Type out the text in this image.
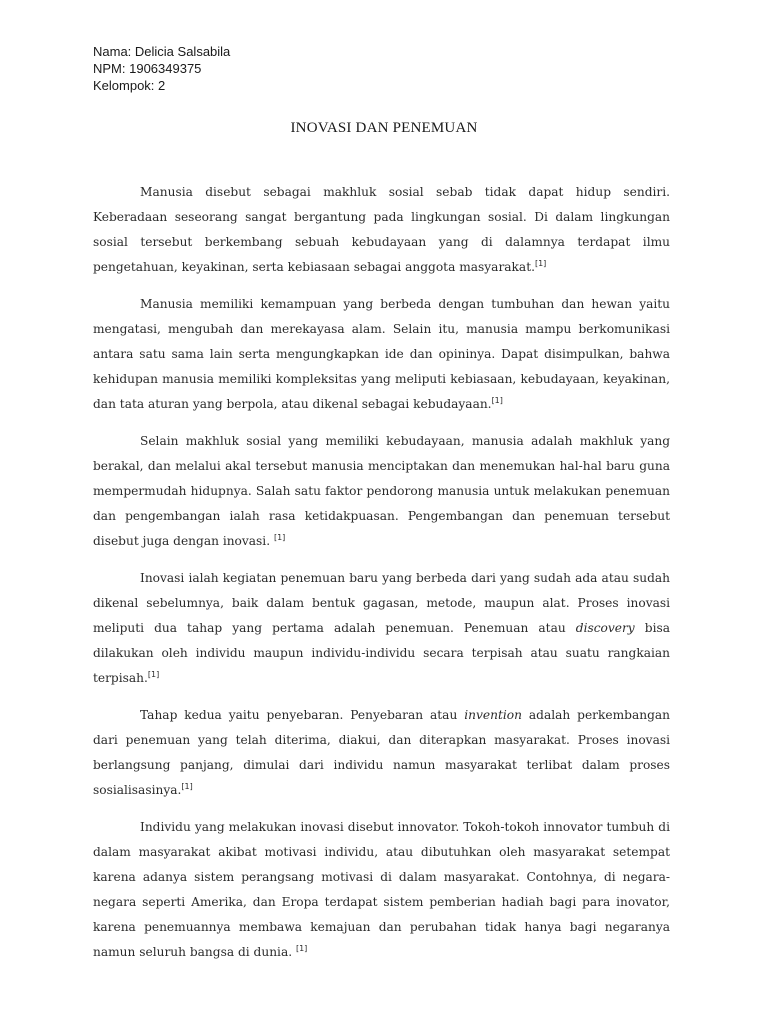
Nama: Delicia Salsabila
NPM: 1906349375
Kelompok: 2
INOVASI DAN PENEMUAN

Manusia disebut sebagai makhluk sosial sebab tidak dapat hidup sendiri. Keberadaan seseorang sangat bergantung pada lingkungan sosial. Di dalam lingkungan sosial tersebut berkembang sebuah kebudayaan yang di dalamnya terdapat ilmu pengetahuan, keyakinan, serta kebiasaan sebagai anggota masyarakat.[1]

Manusia memiliki kemampuan yang berbeda dengan tumbuhan dan hewan yaitu mengatasi, mengubah dan merekayasa alam. Selain itu, manusia mampu berkomunikasi antara satu sama lain serta mengungkapkan ide dan opininya. Dapat disimpulkan, bahwa kehidupan manusia memiliki kompleksitas yang meliputi kebiasaan, kebudayaan, keyakinan, dan tata aturan yang berpola, atau dikenal sebagai kebudayaan.[1]

Selain makhluk sosial yang memiliki kebudayaan, manusia adalah makhluk yang berakal, dan melalui akal tersebut manusia menciptakan dan menemukan hal-hal baru guna mempermudah hidupnya. Salah satu faktor pendorong manusia untuk melakukan penemuan dan pengembangan ialah rasa ketidakpuasan. Pengembangan dan penemuan tersebut disebut juga dengan inovasi. [1]

Inovasi ialah kegiatan penemuan baru yang berbeda dari yang sudah ada atau sudah dikenal sebelumnya, baik dalam bentuk gagasan, metode, maupun alat. Proses inovasi meliputi dua tahap yang pertama adalah penemuan. Penemuan atau discovery bisa dilakukan oleh individu maupun individu-individu secara terpisah atau suatu rangkaian terpisah.[1]

Tahap kedua yaitu penyebaran. Penyebaran atau invention adalah perkembangan dari penemuan yang telah diterima, diakui, dan diterapkan masyarakat. Proses inovasi berlangsung panjang, dimulai dari individu namun masyarakat terlibat dalam proses sosialisasinya.[1]

Individu yang melakukan inovasi disebut innovator. Tokoh-tokoh innovator tumbuh di dalam masyarakat akibat motivasi individu, atau dibutuhkan oleh masyarakat setempat karena adanya sistem perangsang motivasi di dalam masyarakat. Contohnya, di negara-negara seperti Amerika, dan Eropa terdapat sistem pemberian hadiah bagi para inovator, karena penemuannya membawa kemajuan dan perubahan tidak hanya bagi negaranya namun seluruh bangsa di dunia. [1]
